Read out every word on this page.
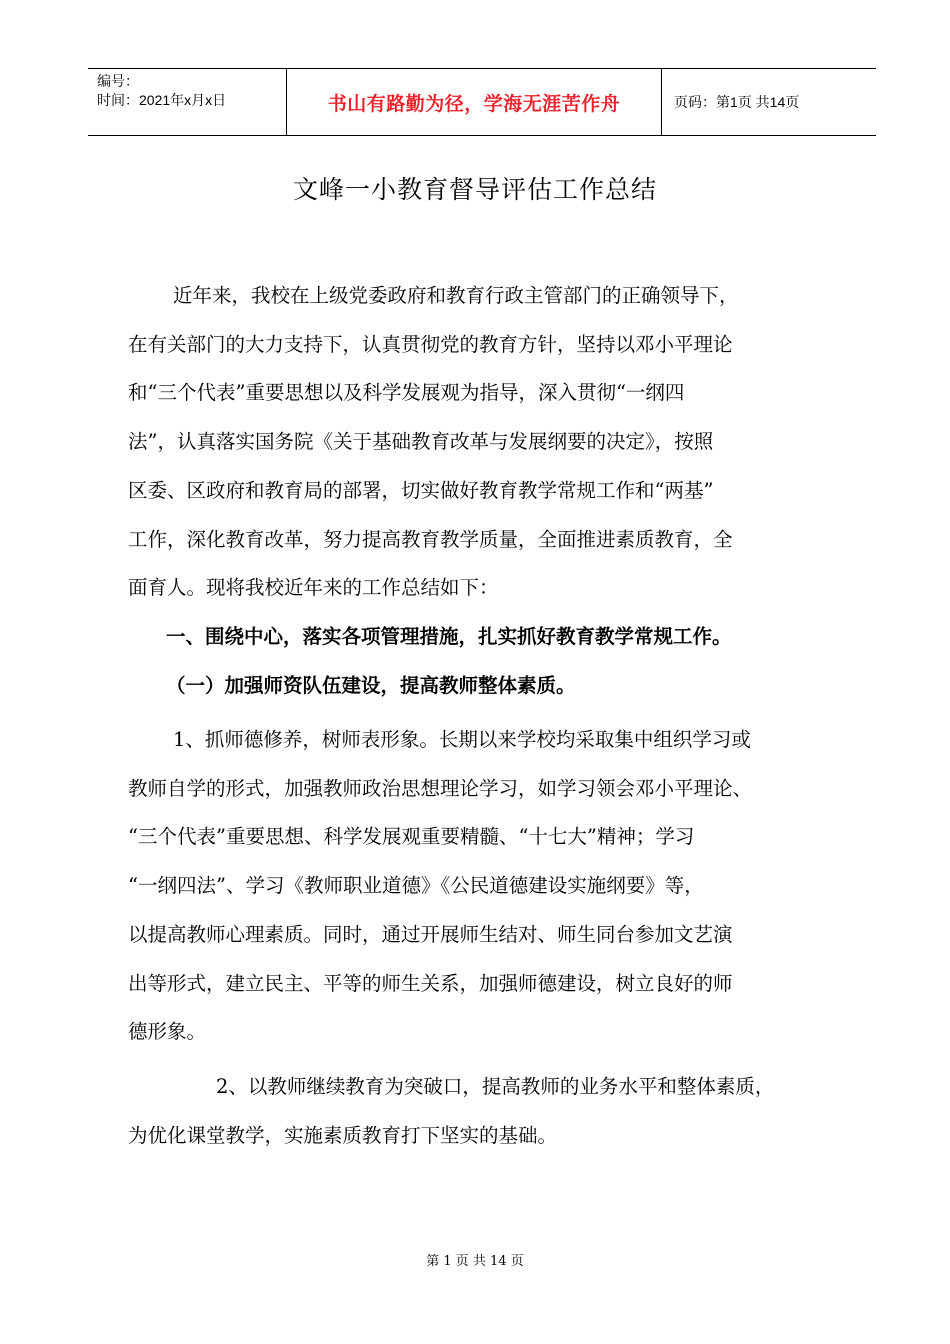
编号：
时间：2021年x月x日	书山有路勤为径，学海无涯苦作舟	页码：第1页 共14页
文峰一小教育督导评估工作总结
近年来，我校在上级党委政府和教育行政主管部门的正确领导下，
在有关部门的大力支持下，认真贯彻党的教育方针，坚持以邓小平理论
和“三个代表”重要思想以及科学发展观为指导，深入贯彻“一纲四
法”，认真落实国务院《关于基础教育改革与发展纲要的决定》，按照
区委、区政府和教育局的部署，切实做好教育教学常规工作和“两基”
工作，深化教育改革，努力提高教育教学质量，全面推进素质教育，全
面育人。现将我校近年来的工作总结如下：
一、围绕中心，落实各项管理措施，扎实抓好教育教学常规工作。
（一）加强师资队伍建设，提高教师整体素质。
1、抓师德修养，树师表形象。长期以来学校均采取集中组织学习或
教师自学的形式，加强教师政治思想理论学习，如学习领会邓小平理论、
“三个代表”重要思想、科学发展观重要精髓、“十七大”精神；学习
“一纲四法”、学习《教师职业道德》《公民道德建设实施纲要》等，
以提高教师心理素质。同时，通过开展师生结对、师生同台参加文艺演
出等形式，建立民主、平等的师生关系，加强师德建设，树立良好的师
德形象。
2、以教师继续教育为突破口，提高教师的业务水平和整体素质，
为优化课堂教学，实施素质教育打下坚实的基础。
第 1 页 共 14 页
